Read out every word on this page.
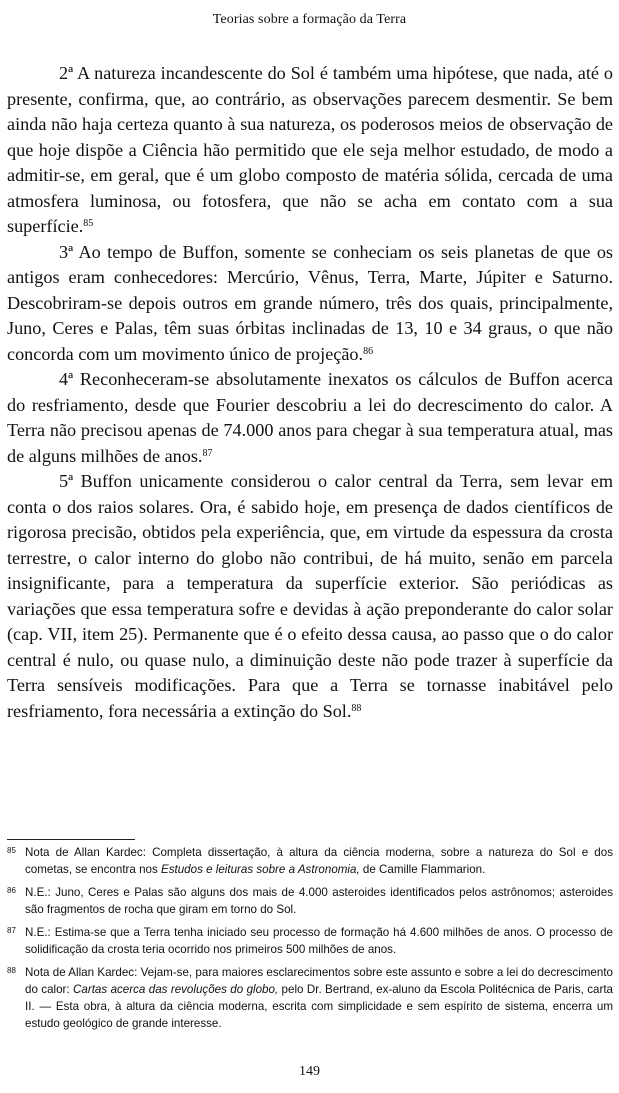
Teorias sobre a formação da Terra

2ª A natureza incandescente do Sol é também uma hipótese, que nada, até o presente, confirma, que, ao contrário, as observações parecem desmentir. Se bem ainda não haja certeza quanto à sua natureza, os poderosos meios de observação de que hoje dispõe a Ciência hão permitido que ele seja melhor estudado, de modo a admitir-se, em geral, que é um globo composto de matéria sólida, cercada de uma atmosfera luminosa, ou fotosfera, que não se acha em contato com a sua superfície.$^{85}$

3ª Ao tempo de Buffon, somente se conheciam os seis planetas de que os antigos eram conhecedores: Mercúrio, Vênus, Terra, Marte, Júpiter e Saturno. Descobriram-se depois outros em grande número, três dos quais, principalmente, Juno, Ceres e Palas, têm suas órbitas inclinadas de 13, 10 e 34 graus, o que não concorda com um movimento único de projeção.$^{86}$

4ª Reconheceram-se absolutamente inexatos os cálculos de Buffon acerca do resfriamento, desde que Fourier descobriu a lei do decrescimento do calor. A Terra não precisou apenas de 74.000 anos para chegar à sua temperatura atual, mas de alguns milhões de anos.$^{87}$

5ª Buffon unicamente considerou o calor central da Terra, sem levar em conta o dos raios solares. Ora, é sabido hoje, em presença de dados científicos de rigorosa precisão, obtidos pela experiência, que, em virtude da espessura da crosta terrestre, o calor interno do globo não contribui, de há muito, senão em parcela insignificante, para a temperatura da superfície exterior. São periódicas as variações que essa temperatura sofre e devidas à ação preponderante do calor solar (cap. VII, item 25). Permanente que é o efeito dessa causa, ao passo que o do calor central é nulo, ou quase nulo, a diminuição deste não pode trazer à superfície da Terra sensíveis modificações. Para que a Terra se tornasse inabitável pelo resfriamento, fora necessária a extinção do Sol.$^{88}$

85 Nota de Allan Kardec: Completa dissertação, à altura da ciência moderna, sobre a natureza do Sol e dos cometas, se encontra nos Estudos e leituras sobre a Astronomia, de Camille Flammarion.
86 N.E.: Juno, Ceres e Palas são alguns dos mais de 4.000 asteroides identificados pelos astrônomos; asteroides são fragmentos de rocha que giram em torno do Sol.
87 N.E.: Estima-se que a Terra tenha iniciado seu processo de formação há 4.600 milhões de anos. O processo de solidificação da crosta teria ocorrido nos primeiros 500 milhões de anos.
88 Nota de Allan Kardec: Vejam-se, para maiores esclarecimentos sobre este assunto e sobre a lei do decrescimento do calor: Cartas acerca das revoluções do globo, pelo Dr. Bertrand, ex-aluno da Escola Politécnica de Paris, carta II. — Esta obra, à altura da ciência moderna, escrita com simplicidade e sem espírito de sistema, encerra um estudo geológico de grande interesse.
149
